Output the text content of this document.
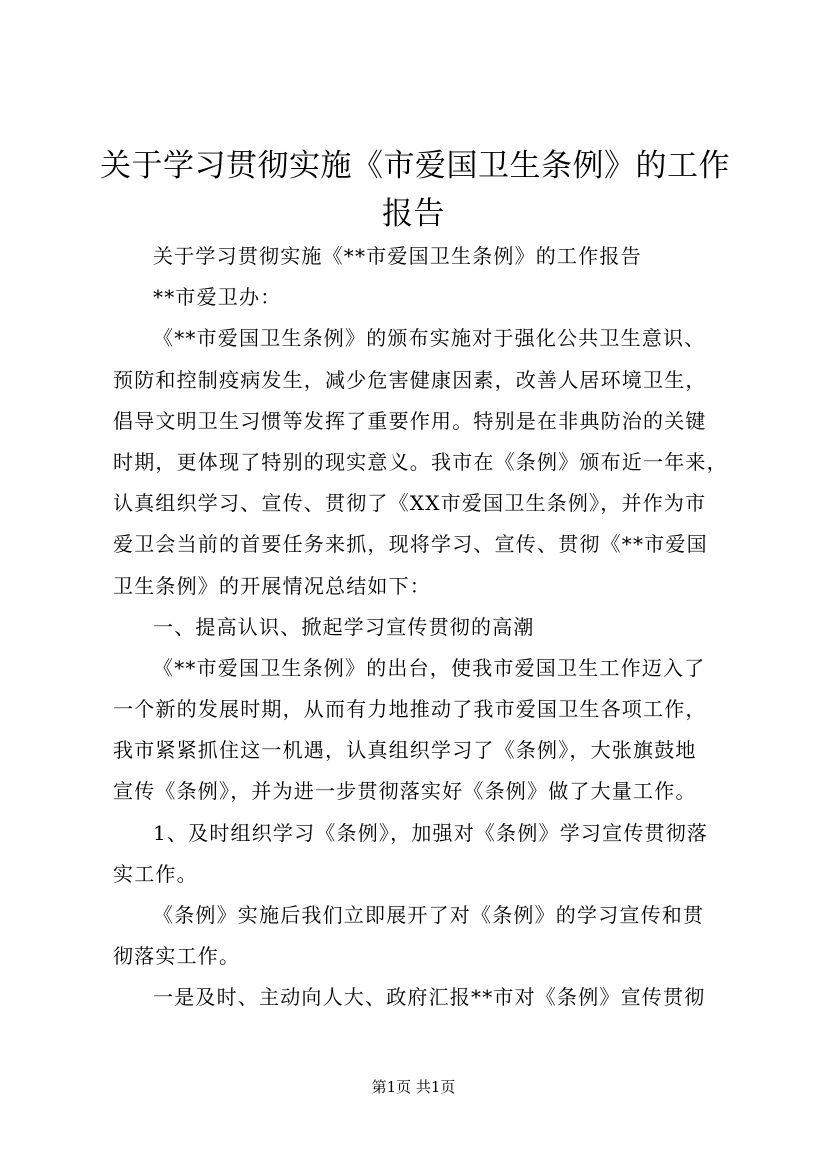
关于学习贯彻实施《市爱国卫生条例》的工作
报告
关于学习贯彻实施《**市爱国卫生条例》的工作报告
**市爱卫办：
《**市爱国卫生条例》的颁布实施对于强化公共卫生意识、
预防和控制疫病发生，减少危害健康因素，改善人居环境卫生，
倡导文明卫生习惯等发挥了重要作用。特别是在非典防治的关键
时期，更体现了特别的现实意义。我市在《条例》颁布近一年来，
认真组织学习、宣传、贯彻了《XX市爱国卫生条例》，并作为市
爱卫会当前的首要任务来抓，现将学习、宣传、贯彻《**市爱国
卫生条例》的开展情况总结如下：
一、提高认识、掀起学习宣传贯彻的高潮
《**市爱国卫生条例》的出台，使我市爱国卫生工作迈入了
一个新的发展时期，从而有力地推动了我市爱国卫生各项工作，
我市紧紧抓住这一机遇，认真组织学习了《条例》，大张旗鼓地
宣传《条例》，并为进一步贯彻落实好《条例》做了大量工作。
1、及时组织学习《条例》，加强对《条例》学习宣传贯彻落
实工作。
《条例》实施后我们立即展开了对《条例》的学习宣传和贯
彻落实工作。
一是及时、主动向人大、政府汇报**市对《条例》宣传贯彻
第1页 共1页
